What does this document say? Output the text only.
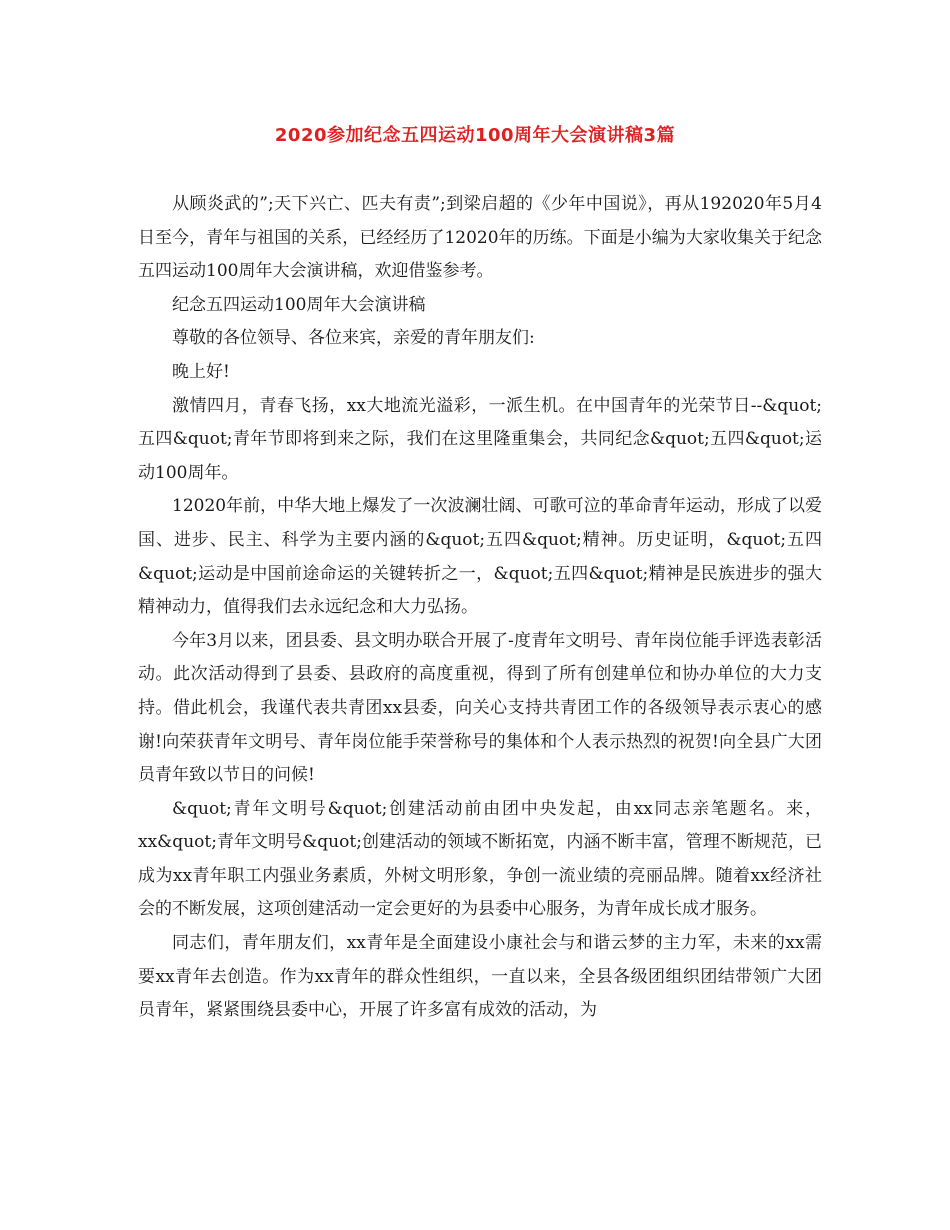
2020参加纪念五四运动100周年大会演讲稿3篇

从顾炎武的”;天下兴亡、匹夫有责”;到梁启超的《少年中国说》，再从192020年5月4日至今，青年与祖国的关系，已经经历了12020年的历练。下面是小编为大家收集关于纪念五四运动100周年大会演讲稿，欢迎借鉴参考。

纪念五四运动100周年大会演讲稿

尊敬的各位领导、各位来宾，亲爱的青年朋友们:

晚上好!

激情四月，青春飞扬，xx大地流光溢彩，一派生机。在中国青年的光荣节日--&quot;五四&quot;青年节即将到来之际，我们在这里隆重集会，共同纪念&quot;五四&quot;运动100周年。

12020年前，中华大地上爆发了一次波澜壮阔、可歌可泣的革命青年运动，形成了以爱国、进步、民主、科学为主要内涵的&quot;五四&quot;精神。历史证明，&quot;五四&quot;运动是中国前途命运的关键转折之一，&quot;五四&quot;精神是民族进步的强大精神动力，值得我们去永远纪念和大力弘扬。

今年3月以来，团县委、县文明办联合开展了-度青年文明号、青年岗位能手评选表彰活动。此次活动得到了县委、县政府的高度重视，得到了所有创建单位和协办单位的大力支持。借此机会，我谨代表共青团xx县委，向关心支持共青团工作的各级领导表示衷心的感谢!向荣获青年文明号、青年岗位能手荣誉称号的集体和个人表示热烈的祝贺!向全县广大团员青年致以节日的问候!

&quot;青年文明号&quot;创建活动前由团中央发起，由xx同志亲笔题名。来，xx&quot;青年文明号&quot;创建活动的领域不断拓宽，内涵不断丰富，管理不断规范，已成为xx青年职工内强业务素质，外树文明形象，争创一流业绩的亮丽品牌。随着xx经济社会的不断发展，这项创建活动一定会更好的为县委中心服务，为青年成长成才服务。

同志们，青年朋友们，xx青年是全面建设小康社会与和谐云梦的主力军，未来的xx需要xx青年去创造。作为xx青年的群众性组织，一直以来，全县各级团组织团结带领广大团员青年，紧紧围绕县委中心，开展了许多富有成效的活动，为
